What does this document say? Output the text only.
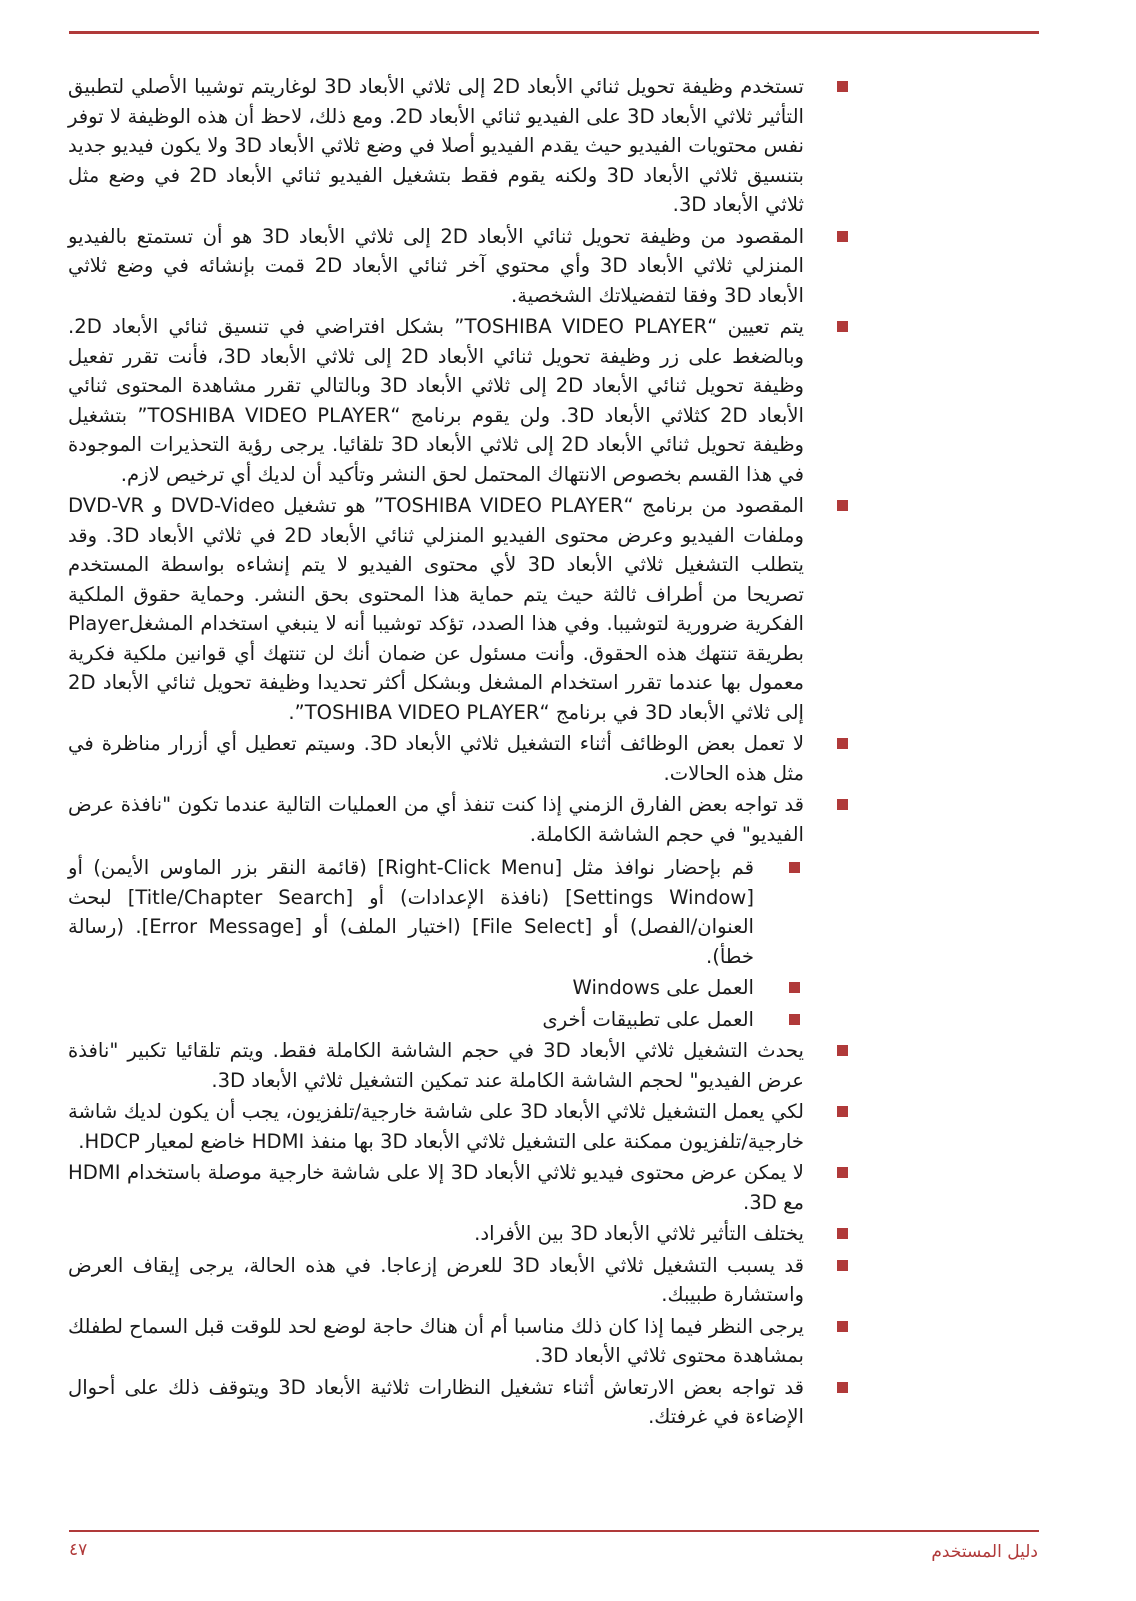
تستخدم وظيفة تحويل ثنائي الأبعاد 2D إلى ثلاثي الأبعاد 3D لوغاريتم توشيبا الأصلي لتطبيق التأثير ثلاثي الأبعاد 3D على الفيديو ثنائي الأبعاد 2D. ومع ذلك، لاحظ أن هذه الوظيفة لا توفر نفس محتويات الفيديو حيث يقدم الفيديو أصلا في وضع ثلاثي الأبعاد 3D ولا يكون فيديو جديد بتنسيق ثلاثي الأبعاد 3D ولكنه يقوم فقط بتشغيل الفيديو ثنائي الأبعاد 2D في وضع مثل ثلاثي الأبعاد 3D.
المقصود من وظيفة تحويل ثنائي الأبعاد 2D إلى ثلاثي الأبعاد 3D هو أن تستمتع بالفيديو المنزلي ثلاثي الأبعاد 3D وأي محتوي آخر ثنائي الأبعاد 2D قمت بإنشائه في وضع ثلاثي الأبعاد 3D وفقا لتفضيلاتك الشخصية.
يتم تعيين “TOSHIBA VIDEO PLAYER” بشكل افتراضي في تنسيق ثنائي الأبعاد 2D. وبالضغط على زر وظيفة تحويل ثنائي الأبعاد 2D إلى ثلاثي الأبعاد 3D، فأنت تقرر تفعيل وظيفة تحويل ثنائي الأبعاد 2D إلى ثلاثي الأبعاد 3D وبالتالي تقرر مشاهدة المحتوى ثنائي الأبعاد 2D كثلاثي الأبعاد 3D. ولن يقوم برنامج “TOSHIBA VIDEO PLAYER” بتشغيل وظيفة تحويل ثنائي الأبعاد 2D إلى ثلاثي الأبعاد 3D تلقائيا. يرجى رؤية التحذيرات الموجودة في هذا القسم بخصوص الانتهاك المحتمل لحق النشر وتأكيد أن لديك أي ترخيص لازم.
المقصود من برنامج “TOSHIBA VIDEO PLAYER” هو تشغيل DVD-Video و DVD-VR وملفات الفيديو وعرض محتوى الفيديو المنزلي ثنائي الأبعاد 2D في ثلاثي الأبعاد 3D. وقد يتطلب التشغيل ثلاثي الأبعاد 3D لأي محتوى الفيديو لا يتم إنشاءه بواسطة المستخدم تصريحا من أطراف ثالثة حيث يتم حماية هذا المحتوى بحق النشر. وحماية حقوق الملكية الفكرية ضرورية لتوشيبا. وفي هذا الصدد، تؤكد توشيبا أنه لا ينبغي استخدام المشغلPlayer بطريقة تنتهك هذه الحقوق. وأنت مسئول عن ضمان أنك لن تنتهك أي قوانين ملكية فكرية معمول بها عندما تقرر استخدام المشغل وبشكل أكثر تحديدا وظيفة تحويل ثنائي الأبعاد 2D إلى ثلاثي الأبعاد 3D في برنامج “TOSHIBA VIDEO PLAYER”.
لا تعمل بعض الوظائف أثناء التشغيل ثلاثي الأبعاد 3D. وسيتم تعطيل أي أزرار مناظرة في مثل هذه الحالات.
قد تواجه بعض الفارق الزمني إذا كنت تنفذ أي من العمليات التالية عندما تكون "نافذة عرض الفيديو" في حجم الشاشة الكاملة.
قم بإحضار نوافذ مثل [Right-Click Menu] (قائمة النقر بزر الماوس الأيمن) أو [Settings Window] (نافذة الإعدادات) أو [Title/Chapter Search] لبحث العنوان/الفصل) أو [File Select] (اختيار الملف) أو [Error Message]. (رسالة خطأ).
العمل على Windows
العمل على تطبيقات أخرى
يحدث التشغيل ثلاثي الأبعاد 3D في حجم الشاشة الكاملة فقط. ويتم تلقائيا تكبير "نافذة عرض الفيديو" لحجم الشاشة الكاملة عند تمكين التشغيل ثلاثي الأبعاد 3D.
لكي يعمل التشغيل ثلاثي الأبعاد 3D على شاشة خارجية/تلفزيون، يجب أن يكون لديك شاشة خارجية/تلفزيون ممكنة على التشغيل ثلاثي الأبعاد 3D بها منفذ HDMI خاضع لمعيار HDCP.
لا يمكن عرض محتوى فيديو ثلاثي الأبعاد 3D إلا على شاشة خارجية موصلة باستخدام HDMI مع 3D.
يختلف التأثير ثلاثي الأبعاد 3D بين الأفراد.
قد يسبب التشغيل ثلاثي الأبعاد 3D للعرض إزعاجا. في هذه الحالة، يرجى إيقاف العرض واستشارة طبيبك.
يرجى النظر فيما إذا كان ذلك مناسبا أم أن هناك حاجة لوضع لحد للوقت قبل السماح لطفلك بمشاهدة محتوى ثلاثي الأبعاد 3D.
قد تواجه بعض الارتعاش أثناء تشغيل النظارات ثلاثية الأبعاد 3D ويتوقف ذلك على أحوال الإضاءة في غرفتك.
٤٧	دليل المستخدم
